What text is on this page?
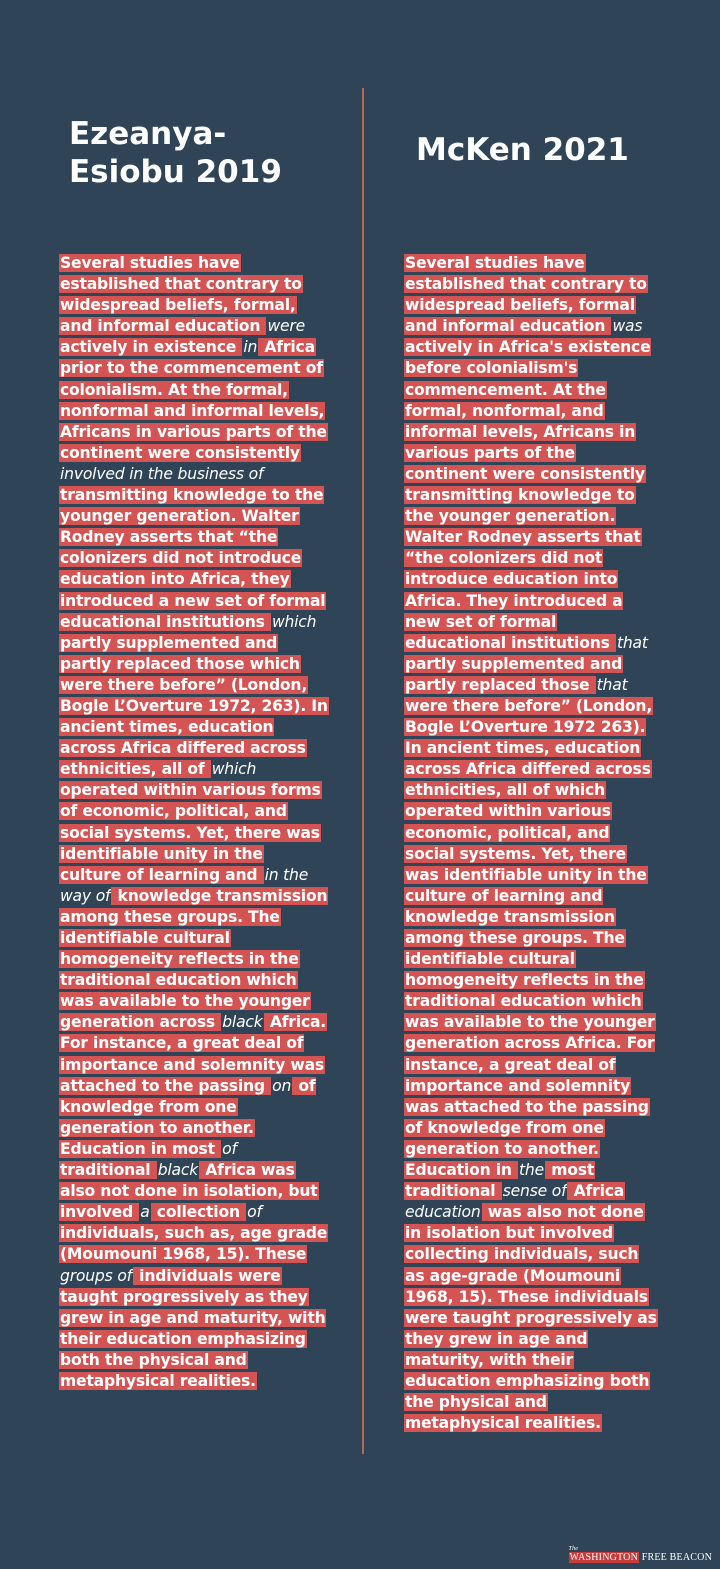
Ezeanya-Esiobu 2019
McKen 2021
Several studies have
established that contrary to
widespread beliefs, formal,
and informal education were
actively in existence in Africa
prior to the commencement of
colonialism. At the formal,
nonformal and informal levels,
Africans in various parts of the
continent were consistently
involved in the business of
transmitting knowledge to the
younger generation. Walter
Rodney asserts that “the
colonizers did not introduce
education into Africa, they
introduced a new set of formal
educational institutions which
partly supplemented and
partly replaced those which
were there before” (London,
Bogle L’Overture 1972, 263). In
ancient times, education
across Africa differed across
ethnicities, all of which
operated within various forms
of economic, political, and
social systems. Yet, there was
identifiable unity in the
culture of learning and in the
way of knowledge transmission
among these groups. The
identifiable cultural
homogeneity reflects in the
traditional education which
was available to the younger
generation across black Africa.
For instance, a great deal of
importance and solemnity was
attached to the passing on of
knowledge from one
generation to another.
Education in most of
traditional black Africa was
also not done in isolation, but
involved a collection of
individuals, such as, age grade
(Moumouni 1968, 15). These
groups of individuals were
taught progressively as they
grew in age and maturity, with
their education emphasizing
both the physical and
metaphysical realities.
Several studies have
established that contrary to
widespread beliefs, formal
and informal education was
actively in Africa's existence
before colonialism's
commencement. At the
formal, nonformal, and
informal levels, Africans in
various parts of the
continent were consistently
transmitting knowledge to
the younger generation.
Walter Rodney asserts that
“the colonizers did not
introduce education into
Africa. They introduced a
new set of formal
educational institutions that
partly supplemented and
partly replaced those that
were there before” (London,
Bogle L’Overture 1972 263).
In ancient times, education
across Africa differed across
ethnicities, all of which
operated within various
economic, political, and
social systems. Yet, there
was identifiable unity in the
culture of learning and
knowledge transmission
among these groups. The
identifiable cultural
homogeneity reflects in the
traditional education which
was available to the younger
generation across Africa. For
instance, a great deal of
importance and solemnity
was attached to the passing
of knowledge from one
generation to another.
Education in the most
traditional sense of Africa
education was also not done
in isolation but involved
collecting individuals, such
as age-grade (Moumouni
1968, 15). These individuals
were taught progressively as
they grew in age and
maturity, with their
education emphasizing both
the physical and
metaphysical realities.
The
WASHINGTON FREE BEACON
